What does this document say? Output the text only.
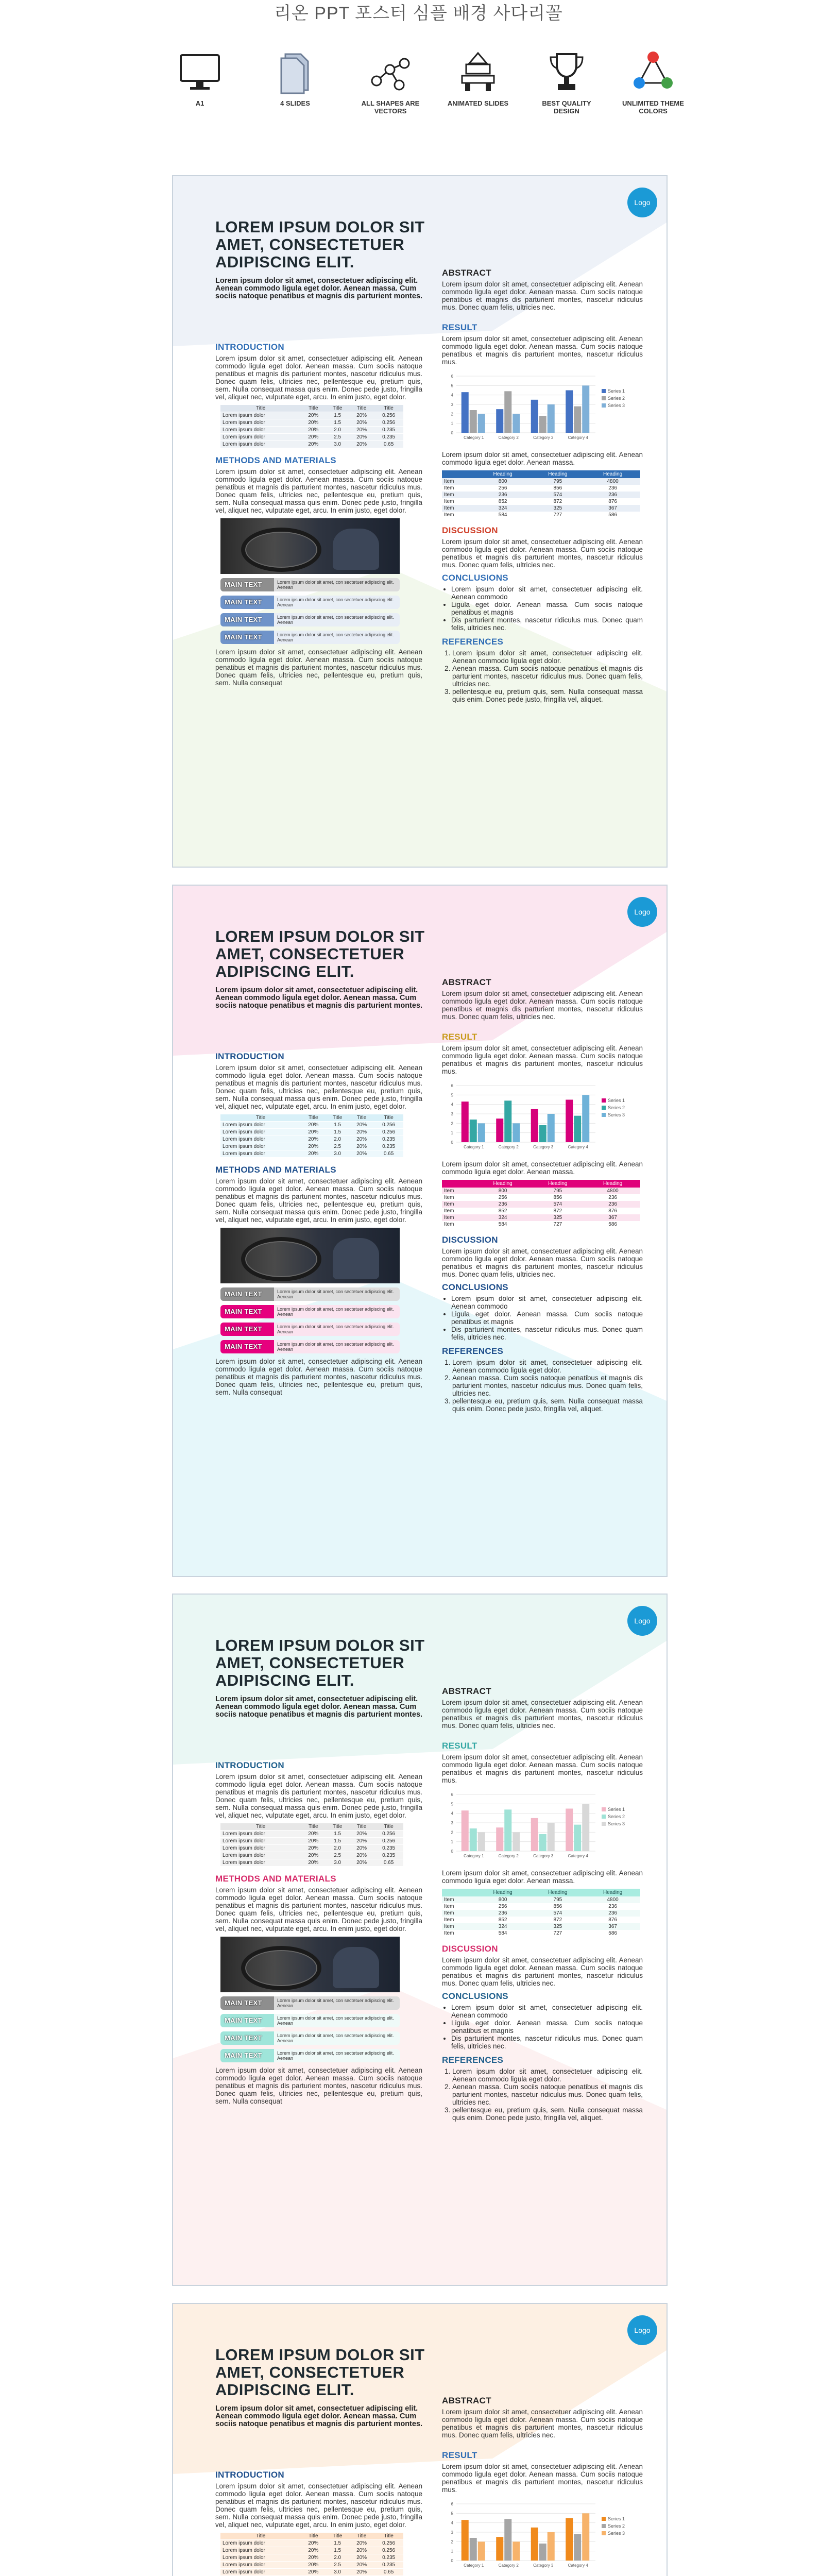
리온 PPT 포스터 심플 배경 사다리꼴
A1	4 SLIDES	ALL SHAPES ARE VECTORS
ANIMATED SLIDES	BEST QUALITY DESIGN
UNLIMITED THEME COLORS
Logo
LOREM IPSUM DOLOR SIT AMET, CONSECTETUER ADIPISCING ELIT.
Lorem ipsum dolor sit amet, consectetuer adipiscing elit. Aenean commodo ligula eget dolor. Aenean massa. Cum sociis natoque penatibus et magnis dis parturient montes.
INTRODUCTION
Lorem ipsum dolor sit amet, consectetuer adipiscing elit. Aenean commodo ligula eget dolor. Aenean massa. Cum sociis natoque penatibus et magnis dis parturient montes, nascetur ridiculus mus. Donec quam felis, ultricies nec, pellentesque eu, pretium quis, sem. Nulla consequat massa quis enim. Donec pede justo, fringilla vel, aliquet nec, vulputate eget, arcu. In enim justo, eget dolor.
Title	Title	Title	Title	Title
Lorem ipsum dolor	20%	1.5	20%	0.256
Lorem ipsum dolor	20%	1.5	20%	0.256
Lorem ipsum dolor	20%	2.0	20%	0.235
Lorem ipsum dolor	20%	2.5	20%	0.235
Lorem ipsum dolor	20%	3.0	20%	0.65
METHODS AND MATERIALS
Lorem ipsum dolor sit amet, consectetuer adipiscing elit. Aenean commodo ligula eget dolor. Aenean massa. Cum sociis natoque penatibus et magnis dis parturient montes, nascetur ridiculus mus. Donec quam felis, ultricies nec, pellentesque eu, pretium quis, sem. Nulla consequat massa quis enim. Donec pede justo, fringilla vel, aliquet nec, vulputate eget, arcu. In enim justo, eget dolor.
MAIN TEXT	Lorem ipsum dolor sit amet, con sectetuer adipiscing elit. Aenean
MAIN TEXT	Lorem ipsum dolor sit amet, con sectetuer adipiscing elit. Aenean
MAIN TEXT	Lorem ipsum dolor sit amet, con sectetuer adipiscing elit. Aenean
MAIN TEXT	Lorem ipsum dolor sit amet, con sectetuer adipiscing elit. Aenean
Lorem ipsum dolor sit amet, consectetuer adipiscing elit. Aenean commodo ligula eget dolor. Aenean massa. Cum sociis natoque penatibus et magnis dis parturient montes, nascetur ridiculus mus. Donec quam felis, ultricies nec, pellentesque eu, pretium quis, sem. Nulla consequat
ABSTRACT
Lorem ipsum dolor sit amet, consectetuer adipiscing elit. Aenean commodo ligula eget dolor. Aenean massa. Cum sociis natoque penatibus et magnis dis parturient montes, nascetur ridiculus mus. Donec quam felis, ultricies nec.
RESULT
Lorem ipsum dolor sit amet, consectetuer adipiscing elit. Aenean commodo ligula eget dolor. Aenean massa. Cum sociis natoque penatibus et magnis dis parturient montes, nascetur ridiculus mus.
0
1
2
3
4
5
6
Category 1	Category 2	Category 3	Category 4
Series 1
Series 2
Series 3
Lorem ipsum dolor sit amet, consectetuer adipiscing elit. Aenean commodo ligula eget dolor. Aenean massa.
	Heading	Heading	Heading
Item	800	795	4800
Item	256	856	236
Item	236	574	236
Item	852	872	876
Item	324	325	367
Item	584	727	586
DISCUSSION
Lorem ipsum dolor sit amet, consectetuer adipiscing elit. Aenean commodo ligula eget dolor. Aenean massa. Cum sociis natoque penatibus et magnis dis parturient montes, nascetur ridiculus mus. Donec quam felis, ultricies nec.
CONCLUSIONS
• Lorem ipsum dolor sit amet, consectetuer adipiscing elit. Aenean commodo
• Ligula eget dolor. Aenean massa. Cum sociis natoque penatibus et magnis
• Dis parturient montes, nascetur ridiculus mus. Donec quam felis, ultricies nec.
REFERENCES
1. Lorem ipsum dolor sit amet, consectetuer adipiscing elit. Aenean commodo ligula eget dolor.
2. Aenean massa. Cum sociis natoque penatibus et magnis dis parturient montes, nascetur ridiculus mus. Donec quam felis, ultricies nec.
3. pellentesque eu, pretium quis, sem. Nulla consequat massa quis enim. Donec pede justo, fringilla vel, aliquet.
Logo
LOREM IPSUM DOLOR SIT AMET, CONSECTETUER ADIPISCING ELIT.
Lorem ipsum dolor sit amet, consectetuer adipiscing elit. Aenean commodo ligula eget dolor. Aenean massa. Cum sociis natoque penatibus et magnis dis parturient montes.
INTRODUCTION
Lorem ipsum dolor sit amet, consectetuer adipiscing elit. Aenean commodo ligula eget dolor. Aenean massa. Cum sociis natoque penatibus et magnis dis parturient montes, nascetur ridiculus mus. Donec quam felis, ultricies nec, pellentesque eu, pretium quis, sem. Nulla consequat massa quis enim. Donec pede justo, fringilla vel, aliquet nec, vulputate eget, arcu. In enim justo, eget dolor.
Title	Title	Title	Title	Title
Lorem ipsum dolor	20%	1.5	20%	0.256
Lorem ipsum dolor	20%	1.5	20%	0.256
Lorem ipsum dolor	20%	2.0	20%	0.235
Lorem ipsum dolor	20%	2.5	20%	0.235
Lorem ipsum dolor	20%	3.0	20%	0.65
METHODS AND MATERIALS
Lorem ipsum dolor sit amet, consectetuer adipiscing elit. Aenean commodo ligula eget dolor. Aenean massa. Cum sociis natoque penatibus et magnis dis parturient montes, nascetur ridiculus mus. Donec quam felis, ultricies nec, pellentesque eu, pretium quis, sem. Nulla consequat massa quis enim. Donec pede justo, fringilla vel, aliquet nec, vulputate eget, arcu. In enim justo, eget dolor.
MAIN TEXT	Lorem ipsum dolor sit amet, con sectetuer adipiscing elit. Aenean
MAIN TEXT	Lorem ipsum dolor sit amet, con sectetuer adipiscing elit. Aenean
MAIN TEXT	Lorem ipsum dolor sit amet, con sectetuer adipiscing elit. Aenean
MAIN TEXT	Lorem ipsum dolor sit amet, con sectetuer adipiscing elit. Aenean
Lorem ipsum dolor sit amet, consectetuer adipiscing elit. Aenean commodo ligula eget dolor. Aenean massa. Cum sociis natoque penatibus et magnis dis parturient montes, nascetur ridiculus mus. Donec quam felis, ultricies nec, pellentesque eu, pretium quis, sem. Nulla consequat
ABSTRACT
Lorem ipsum dolor sit amet, consectetuer adipiscing elit. Aenean commodo ligula eget dolor. Aenean massa. Cum sociis natoque penatibus et magnis dis parturient montes, nascetur ridiculus mus. Donec quam felis, ultricies nec.
RESULT
Lorem ipsum dolor sit amet, consectetuer adipiscing elit. Aenean commodo ligula eget dolor. Aenean massa. Cum sociis natoque penatibus et magnis dis parturient montes, nascetur ridiculus mus.
0
1
2
3
4
5
6
Category 1	Category 2	Category 3	Category 4
Series 1
Series 2
Series 3
Lorem ipsum dolor sit amet, consectetuer adipiscing elit. Aenean commodo ligula eget dolor. Aenean massa.
	Heading	Heading	Heading
Item	800	795	4800
Item	256	856	236
Item	236	574	236
Item	852	872	876
Item	324	325	367
Item	584	727	586
DISCUSSION
Lorem ipsum dolor sit amet, consectetuer adipiscing elit. Aenean commodo ligula eget dolor. Aenean massa. Cum sociis natoque penatibus et magnis dis parturient montes, nascetur ridiculus mus. Donec quam felis, ultricies nec.
CONCLUSIONS
• Lorem ipsum dolor sit amet, consectetuer adipiscing elit. Aenean commodo
• Ligula eget dolor. Aenean massa. Cum sociis natoque penatibus et magnis
• Dis parturient montes, nascetur ridiculus mus. Donec quam felis, ultricies nec.
REFERENCES
1. Lorem ipsum dolor sit amet, consectetuer adipiscing elit. Aenean commodo ligula eget dolor.
2. Aenean massa. Cum sociis natoque penatibus et magnis dis parturient montes, nascetur ridiculus mus. Donec quam felis, ultricies nec.
3. pellentesque eu, pretium quis, sem. Nulla consequat massa quis enim. Donec pede justo, fringilla vel, aliquet.
Logo
LOREM IPSUM DOLOR SIT AMET, CONSECTETUER ADIPISCING ELIT.
Lorem ipsum dolor sit amet, consectetuer adipiscing elit. Aenean commodo ligula eget dolor. Aenean massa. Cum sociis natoque penatibus et magnis dis parturient montes.
INTRODUCTION
Lorem ipsum dolor sit amet, consectetuer adipiscing elit. Aenean commodo ligula eget dolor. Aenean massa. Cum sociis natoque penatibus et magnis dis parturient montes, nascetur ridiculus mus. Donec quam felis, ultricies nec, pellentesque eu, pretium quis, sem. Nulla consequat massa quis enim. Donec pede justo, fringilla vel, aliquet nec, vulputate eget, arcu. In enim justo, eget dolor.
Title	Title	Title	Title	Title
Lorem ipsum dolor	20%	1.5	20%	0.256
Lorem ipsum dolor	20%	1.5	20%	0.256
Lorem ipsum dolor	20%	2.0	20%	0.235
Lorem ipsum dolor	20%	2.5	20%	0.235
Lorem ipsum dolor	20%	3.0	20%	0.65
METHODS AND MATERIALS
Lorem ipsum dolor sit amet, consectetuer adipiscing elit. Aenean commodo ligula eget dolor. Aenean massa. Cum sociis natoque penatibus et magnis dis parturient montes, nascetur ridiculus mus. Donec quam felis, ultricies nec, pellentesque eu, pretium quis, sem. Nulla consequat massa quis enim. Donec pede justo, fringilla vel, aliquet nec, vulputate eget, arcu. In enim justo, eget dolor.
MAIN TEXT	Lorem ipsum dolor sit amet, con sectetuer adipiscing elit. Aenean
MAIN TEXT	Lorem ipsum dolor sit amet, con sectetuer adipiscing elit. Aenean
MAIN TEXT	Lorem ipsum dolor sit amet, con sectetuer adipiscing elit. Aenean
MAIN TEXT	Lorem ipsum dolor sit amet, con sectetuer adipiscing elit. Aenean
Lorem ipsum dolor sit amet, consectetuer adipiscing elit. Aenean commodo ligula eget dolor. Aenean massa. Cum sociis natoque penatibus et magnis dis parturient montes, nascetur ridiculus mus. Donec quam felis, ultricies nec, pellentesque eu, pretium quis, sem. Nulla consequat
ABSTRACT
Lorem ipsum dolor sit amet, consectetuer adipiscing elit. Aenean commodo ligula eget dolor. Aenean massa. Cum sociis natoque penatibus et magnis dis parturient montes, nascetur ridiculus mus. Donec quam felis, ultricies nec.
RESULT
Lorem ipsum dolor sit amet, consectetuer adipiscing elit. Aenean commodo ligula eget dolor. Aenean massa. Cum sociis natoque penatibus et magnis dis parturient montes, nascetur ridiculus mus.
0
1
2
3
4
5
6
Category 1	Category 2	Category 3	Category 4
Series 1
Series 2
Series 3
Lorem ipsum dolor sit amet, consectetuer adipiscing elit. Aenean commodo ligula eget dolor. Aenean massa.
	Heading	Heading	Heading
Item	800	795	4800
Item	256	856	236
Item	236	574	236
Item	852	872	876
Item	324	325	367
Item	584	727	586
DISCUSSION
Lorem ipsum dolor sit amet, consectetuer adipiscing elit. Aenean commodo ligula eget dolor. Aenean massa. Cum sociis natoque penatibus et magnis dis parturient montes, nascetur ridiculus mus. Donec quam felis, ultricies nec.
CONCLUSIONS
• Lorem ipsum dolor sit amet, consectetuer adipiscing elit. Aenean commodo
• Ligula eget dolor. Aenean massa. Cum sociis natoque penatibus et magnis
• Dis parturient montes, nascetur ridiculus mus. Donec quam felis, ultricies nec.
REFERENCES
1. Lorem ipsum dolor sit amet, consectetuer adipiscing elit. Aenean commodo ligula eget dolor.
2. Aenean massa. Cum sociis natoque penatibus et magnis dis parturient montes, nascetur ridiculus mus. Donec quam felis, ultricies nec.
3. pellentesque eu, pretium quis, sem. Nulla consequat massa quis enim. Donec pede justo, fringilla vel, aliquet.
Logo
LOREM IPSUM DOLOR SIT AMET, CONSECTETUER ADIPISCING ELIT.
Lorem ipsum dolor sit amet, consectetuer adipiscing elit. Aenean commodo ligula eget dolor. Aenean massa. Cum sociis natoque penatibus et magnis dis parturient montes.
INTRODUCTION
Lorem ipsum dolor sit amet, consectetuer adipiscing elit. Aenean commodo ligula eget dolor. Aenean massa. Cum sociis natoque penatibus et magnis dis parturient montes, nascetur ridiculus mus. Donec quam felis, ultricies nec, pellentesque eu, pretium quis, sem. Nulla consequat massa quis enim. Donec pede justo, fringilla vel, aliquet nec, vulputate eget, arcu. In enim justo, eget dolor.
Title	Title	Title	Title	Title
Lorem ipsum dolor	20%	1.5	20%	0.256
Lorem ipsum dolor	20%	1.5	20%	0.256
Lorem ipsum dolor	20%	2.0	20%	0.235
Lorem ipsum dolor	20%	2.5	20%	0.235
Lorem ipsum dolor	20%	3.0	20%	0.65
ABSTRACT
Lorem ipsum dolor sit amet, consectetuer adipiscing elit. Aenean commodo ligula eget dolor. Aenean massa. Cum sociis natoque penatibus et magnis dis parturient montes, nascetur ridiculus mus. Donec quam felis, ultricies nec.
RESULT
Lorem ipsum dolor sit amet, consectetuer adipiscing elit. Aenean commodo ligula eget dolor. Aenean massa. Cum sociis natoque penatibus et magnis dis parturient montes, nascetur ridiculus mus.
0
1
2
3
4
5
6
Category 1	Category 2	Category 3	Category 4
Series 1
Series 2
Series 3
